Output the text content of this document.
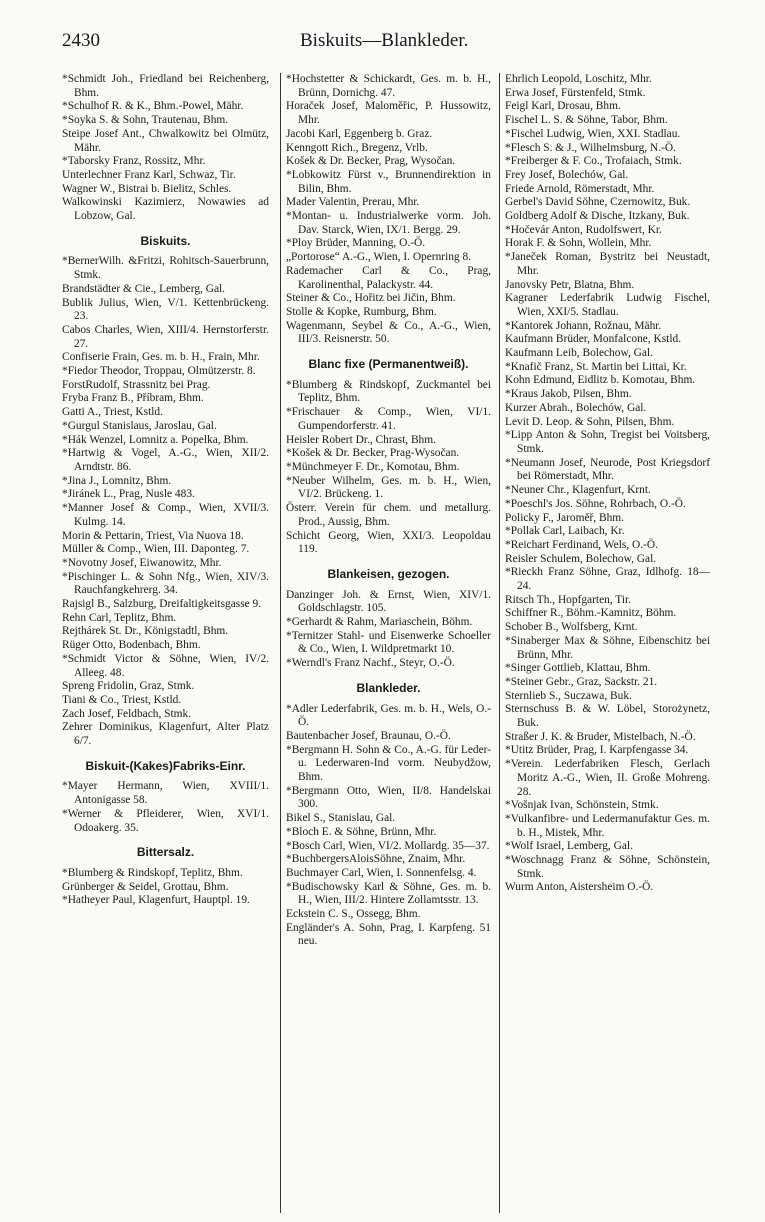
2430	Biskuits—Blankleder.

*Schmidt Joh., Friedland bei Reichenberg, Bhm.

*Schulhof R. & K., Bhm.-Powel, Mähr.

*Soyka S. & Sohn, Trautenau, Bhm.

Steipe Josef Ant., Chwalkowitz bei Olmütz, Mähr.

*Taborsky Franz, Rossitz, Mhr.

Unterlechner Franz Karl, Schwaz, Tir.

Wagner W., Bistrai b. Bielitz, Schles.

Walkowinski Kazimierz, Nowawies ad Lobzow, Gal.

Biskuits.

*BernerWilh. &Fritzi, Rohitsch-Sauerbrunn, Stmk.

Brandstädter & Cie., Lemberg, Gal.

Bublik Julius, Wien, V/1. Kettenbrückeng. 23.

Cabos Charles, Wien, XIII/4. Hernstorferstr. 27.

Confiserie Frain, Ges. m. b. H., Frain, Mhr.

*Fiedor Theodor, Troppau, Olmützerstr. 8.

ForstRudolf, Strassnitz bei Prag.

Fryba Franz B., Příbram, Bhm.

Gatti A., Triest, Kstld.

*Gurgul Stanislaus, Jaroslau, Gal.

*Hák Wenzel, Lomnitz a. Popelka, Bhm.

*Hartwig & Vogel, A.-G., Wien, XII/2. Arndtstr. 86.

*Jina J., Lomnitz, Bhm.

*Jiránek L., Prag, Nusle 483.

*Manner Josef & Comp., Wien, XVII/3. Kulmg. 14.

Morin & Pettarin, Triest, Via Nuova 18.

Müller & Comp., Wien, III. Daponteg. 7.

*Novotny Josef, Eiwanowitz, Mhr.

*Pischinger L. & Sohn Nfg., Wien, XIV/3. Rauchfangkehrerg. 34.

Rajsigl B., Salzburg, Dreifaltigkeitsgasse 9.

Rehn Carl, Teplitz, Bhm.

Rejthárek St. Dr., Königstadtl, Bhm.

Rüger Otto, Bodenbach, Bhm.

*Schmidt Victor & Söhne, Wien, IV/2. Alleeg. 48.

Spreng Fridolin, Graz, Stmk.

Tiani & Co., Triest, Kstld.

Zach Josef, Feldbach, Stmk.

Zehrer Dominikus, Klagenfurt, Alter Platz 6/7.

Biskuit-(Kakes)Fabriks-Einr.

*Mayer Hermann, Wien, XVIII/1. Antonigasse 58.

*Werner & Pfleiderer, Wien, XVI/1. Odoakerg. 35.

Bittersalz.

*Blumberg & Rindskopf, Teplitz, Bhm.

Grünberger & Seidel, Grottau, Bhm.

*Hatheyer Paul, Klagenfurt, Hauptpl. 19.

*Hochstetter & Schickardt, Ges. m. b. H., Brünn, Dornichg. 47.

Horaček Josef, Malomĕřic, P. Hussowitz, Mhr.

Jacobi Karl, Eggenberg b. Graz.

Kenngott Rich., Bregenz, Vrlb.

Košek & Dr. Becker, Prag, Wysočan.

*Lobkowitz Fürst v., Brunnendirektion in Bilin, Bhm.

Mader Valentin, Prerau, Mhr.

*Montan- u. Industrialwerke vorm. Joh. Dav. Starck, Wien, IX/1. Bergg. 29.

*Ploy Brüder, Manning, O.-Ö.

„Portorose“ A.-G., Wien, I. Opernring 8.

Rademacher Carl & Co., Prag, Karolinenthal, Palackystr. 44.

Steiner & Co., Hořitz bei Jičin, Bhm.

Stolle & Kopke, Rumburg, Bhm.

Wagenmann, Seybel & Co., A.-G., Wien, III/3. Reisnerstr. 50.

Blanc fixe (Permanentweiß).

*Blumberg & Rindskopf, Zuckmantel bei Teplitz, Bhm.

*Frischauer & Comp., Wien, VI/1. Gumpendorferstr. 41.

Heisler Robert Dr., Chrast, Bhm.

*Košek & Dr. Becker, Prag-Wysočan.

*Münchmeyer F. Dr., Komotau, Bhm.

*Neuber Wilhelm, Ges. m. b. H., Wien, VI/2. Brückeng. 1.

Österr. Verein für chem. und metallurg. Prod., Aussig, Bhm.

Schicht Georg, Wien, XXI/3. Leopoldau 119.

Blankeisen, gezogen.

Danzinger Joh. & Ernst, Wien, XIV/1. Goldschlagstr. 105.

*Gerhardt & Rahm, Mariaschein, Böhm.

*Ternitzer Stahl- und Eisenwerke Schoeller & Co., Wien, I. Wildpretmarkt 10.

*Werndl's Franz Nachf., Steyr, O.-Ö.

Blankleder.

*Adler Lederfabrik, Ges. m. b. H., Wels, O.-Ö.

Bautenbacher Josef, Braunau, O.-Ö.

*Bergmann H. Sohn & Co., A.-G. für Leder- u. Lederwaren-Ind vorm. Neubydžow, Bhm.

*Bergmann Otto, Wien, II/8. Handelskai 300.

Bikel S., Stanislau, Gal.

*Bloch E. & Söhne, Brünn, Mhr.

*Bosch Carl, Wien, VI/2. Mollardg. 35—37.

*BuchbergersAloisSöhne, Znaim, Mhr.

Buchmayer Carl, Wien, I. Sonnenfelsg. 4.

*Budischowsky Karl & Söhne, Ges. m. b. H., Wien, III/2. Hintere Zollamtsstr. 13.

Eckstein C. S., Ossegg, Bhm.

Engländer's A. Sohn, Prag, I. Karpfeng. 51 neu.

Ehrlich Leopold, Loschitz, Mhr.

Erwa Josef, Fürstenfeld, Stmk.

Feigl Karl, Drosau, Bhm.

Fischel L. S. & Söhne, Tabor, Bhm.

*Fischel Ludwig, Wien, XXI. Stadlau.

*Flesch S. & J., Wilhelmsburg, N.-Ö.

*Freiberger & F. Co., Trofaiach, Stmk.

Frey Josef, Bolechów, Gal.

Friede Arnold, Römerstadt, Mhr.

Gerbel's David Söhne, Czernowitz, Buk.

Goldberg Adolf & Dische, Itzkany, Buk.

*Hočevár Anton, Rudolfswert, Kr.

Horak F. & Sohn, Wollein, Mhr.

*Janeček Roman, Bystritz bei Neustadt, Mhr.

Janovsky Petr, Blatna, Bhm.

Kagraner Lederfabrik Ludwig Fischel, Wien, XXI/5. Stadlau.

*Kantorek Johann, Rožnau, Mähr.

Kaufmann Brüder, Monfalcone, Kstld.

Kaufmann Leib, Bolechow, Gal.

*Knafič Franz, St. Martin bei Littai, Kr.

Kohn Edmund, Eidlitz b. Komotau, Bhm.

*Kraus Jakob, Pilsen, Bhm.

Kurzer Abrah., Bolechów, Gal.

Levit D. Leop. & Sohn, Pilsen, Bhm.

*Lipp Anton & Sohn, Tregist bei Voitsberg, Stmk.

*Neumann Josef, Neurode, Post Kriegsdorf bei Römerstadt, Mhr.

*Neuner Chr., Klagenfurt, Krnt.

*Poeschl's Jos. Söhne, Rohrbach, O.-Ö.

Policky F., Jaroměř, Bhm.

*Pollak Carl, Laibach, Kr.

*Reichart Ferdinand, Wels, O.-Ö.

Reisler Schulem, Bolechow, Gal.

*Rieckh Franz Söhne, Graz, Idlhofg. 18—24.

Ritsch Th., Hopfgarten, Tir.

Schiffner R., Böhm.-Kamnitz, Böhm.

Schober B., Wolfsberg, Krnt.

*Sinaberger Max & Söhne, Eibenschitz bei Brünn, Mhr.

*Singer Gottlieb, Klattau, Bhm.

*Steiner Gebr., Graz, Sackstr. 21.

Sternlieb S., Suczawa, Buk.

Sternschuss B. & W. Löbel, Storożynetz, Buk.

Straßer J. K. & Bruder, Mistelbach, N.-Ö.

*Utitz Brüder, Prag, I. Karpfengasse 34.

*Verein. Lederfabriken Flesch, Gerlach Moritz A.-G., Wien, II. Große Mohreng. 28.

*Vošnjak Ivan, Schönstein, Stmk.

*Vulkanfibre- und Ledermanufaktur Ges. m. b. H., Mistek, Mhr.

*Wolf Israel, Lemberg, Gal.

*Woschnagg Franz & Söhne, Schönstein, Stmk.

Wurm Anton, Aistersheim O.-Ö.
